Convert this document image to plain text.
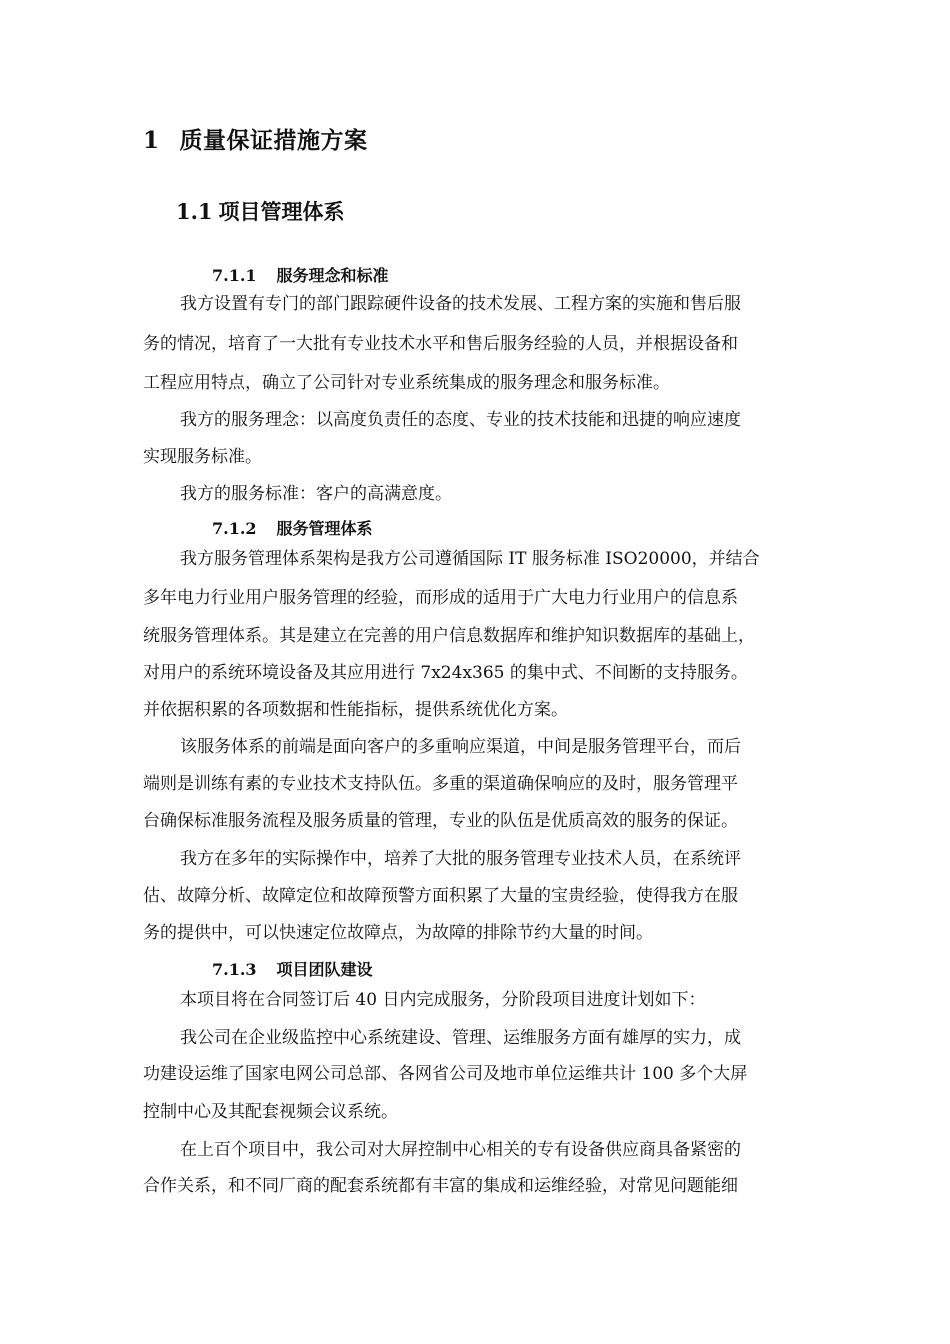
1 质量保证措施方案
1.1 项目管理体系
7.1.1 服务理念和标准
我方设置有专门的部门跟踪硬件设备的技术发展、工程方案的实施和售后服
务的情况，培育了一大批有专业技术水平和售后服务经验的人员，并根据设备和
工程应用特点，确立了公司针对专业系统集成的服务理念和服务标准。
我方的服务理念：以高度负责任的态度、专业的技术技能和迅捷的响应速度
实现服务标准。
我方的服务标准：客户的高满意度。
7.1.2 服务管理体系
我方服务管理体系架构是我方公司遵循国际 IT 服务标准 ISO20000，并结合
多年电力行业用户服务管理的经验，而形成的适用于广大电力行业用户的信息系
统服务管理体系。其是建立在完善的用户信息数据库和维护知识数据库的基础上，
对用户的系统环境设备及其应用进行 7x24x365 的集中式、不间断的支持服务。
并依据积累的各项数据和性能指标，提供系统优化方案。
该服务体系的前端是面向客户的多重响应渠道，中间是服务管理平台，而后
端则是训练有素的专业技术支持队伍。多重的渠道确保响应的及时，服务管理平
台确保标准服务流程及服务质量的管理，专业的队伍是优质高效的服务的保证。
我方在多年的实际操作中，培养了大批的服务管理专业技术人员，在系统评
估、故障分析、故障定位和故障预警方面积累了大量的宝贵经验，使得我方在服
务的提供中，可以快速定位故障点，为故障的排除节约大量的时间。
7.1.3 项目团队建设
本项目将在合同签订后 40 日内完成服务，分阶段项目进度计划如下：
我公司在企业级监控中心系统建设、管理、运维服务方面有雄厚的实力，成
功建设运维了国家电网公司总部、各网省公司及地市单位运维共计 100 多个大屏
控制中心及其配套视频会议系统。
在上百个项目中，我公司对大屏控制中心相关的专有设备供应商具备紧密的
合作关系，和不同厂商的配套系统都有丰富的集成和运维经验，对常见问题能细
